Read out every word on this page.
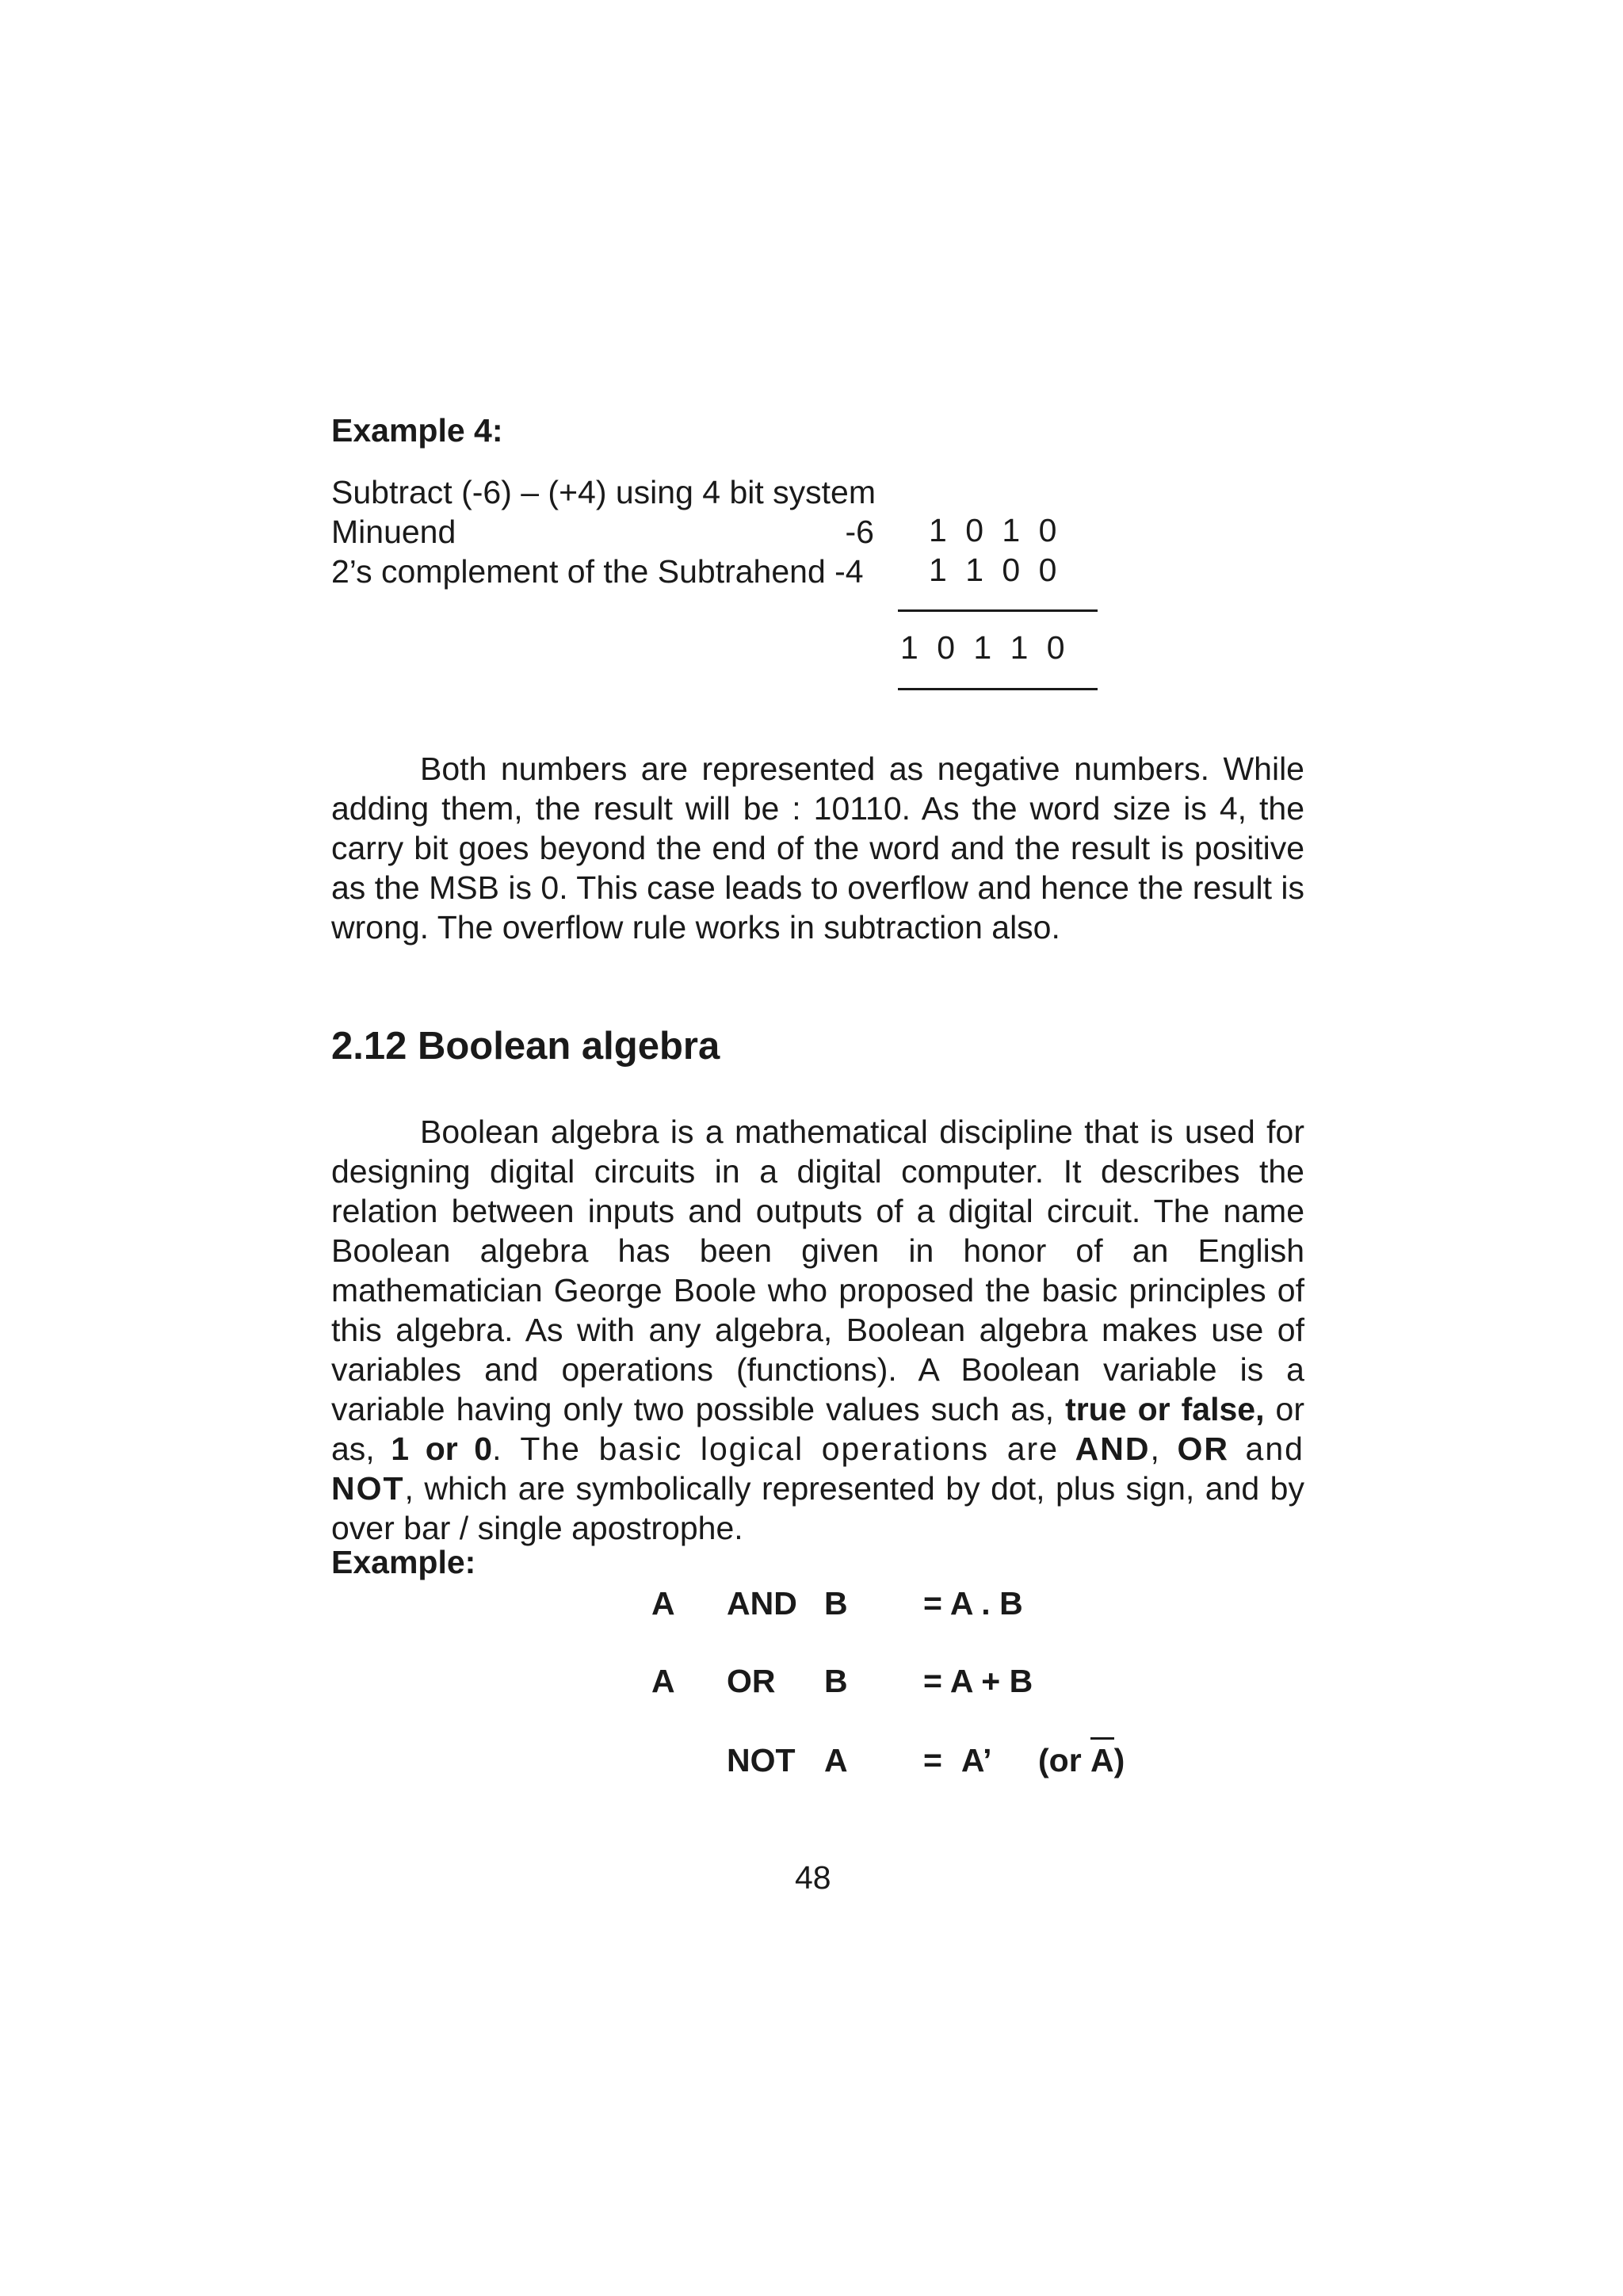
Example 4:

Subtract (-6) – (+4) using 4 bit system

Minuend	-6 1 0 1 0

2’s complement of the Subtrahend -4 1 1 0 0

1 0 1 1 0

Both numbers are represented as negative numbers. While adding them, the result will be : 10110. As the word size is 4, the carry bit goes beyond the end of the word and the result is positive as the MSB is 0. This case leads to overflow and hence the result is wrong. The overflow rule works in subtraction also.

2.12 Boolean algebra

Boolean algebra is a mathematical discipline that is used for designing digital circuits in a digital computer. It describes the relation between inputs and outputs of a digital circuit. The name Boolean algebra has been given in honor of an English mathematician George Boole who proposed the basic principles of this algebra. As with any algebra, Boolean algebra makes use of variables and operations (functions). A Boolean variable is a variable having only two possible values such as, true or false, or as, 1 or 0. The basic logical operations are AND, OR and NOT, which are symbolically represented by dot, plus sign, and by over bar / single apostrophe.

Example:

A AND B = A . B

A OR B = A + B

NOT A = A’ (or A)

48
